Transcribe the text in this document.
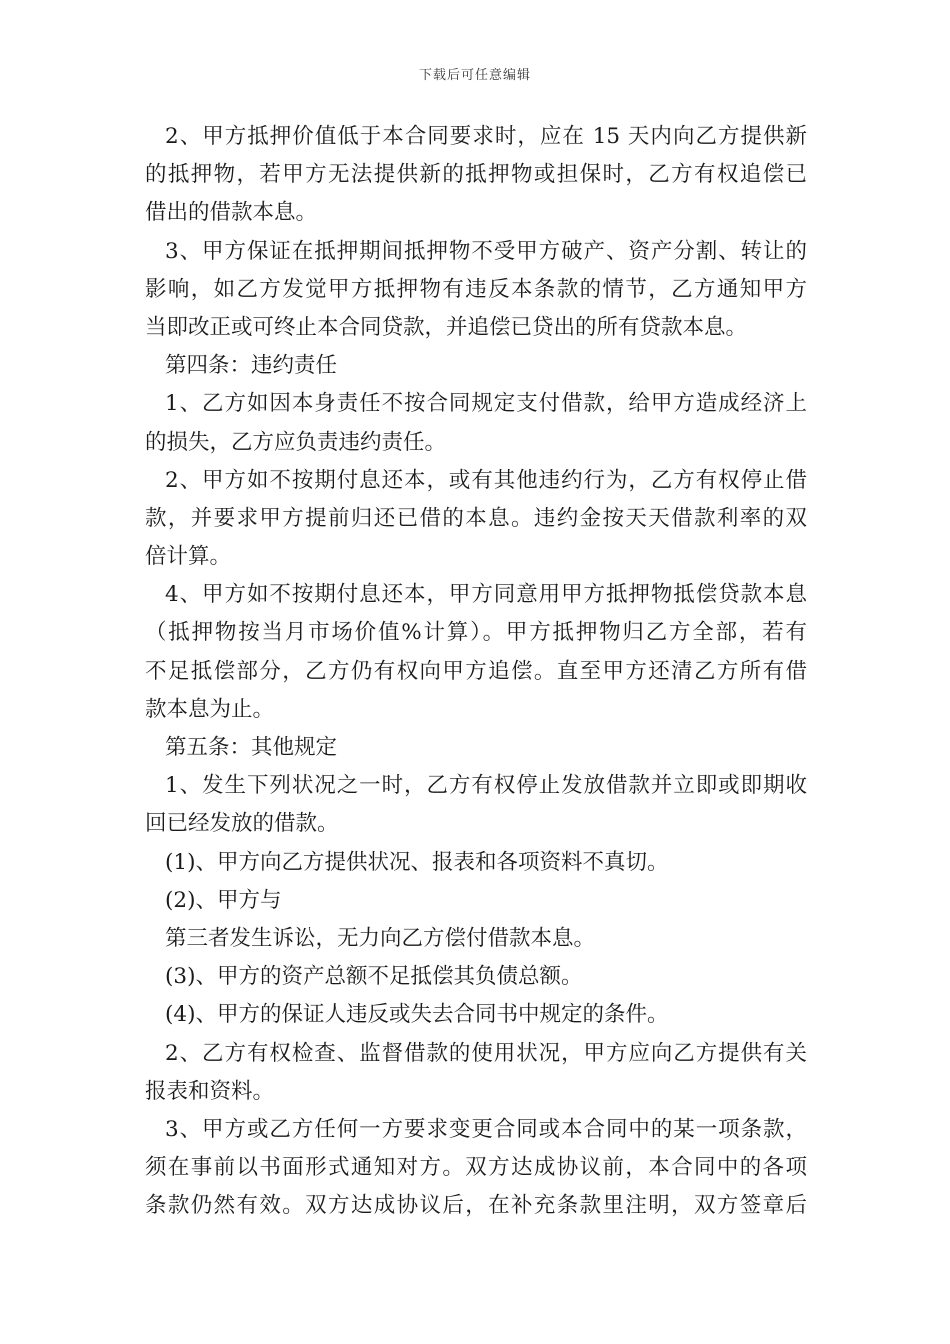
下载后可任意编辑
2、甲方抵押价值低于本合同要求时，应在 15 天内向乙方提供新
的抵押物，若甲方无法提供新的抵押物或担保时，乙方有权追偿已
借出的借款本息。
3、甲方保证在抵押期间抵押物不受甲方破产、资产分割、转让的
影响，如乙方发觉甲方抵押物有违反本条款的情节，乙方通知甲方
当即改正或可终止本合同贷款，并追偿已贷出的所有贷款本息。
第四条：违约责任
1、乙方如因本身责任不按合同规定支付借款，给甲方造成经济上
的损失，乙方应负责违约责任。
2、甲方如不按期付息还本，或有其他违约行为，乙方有权停止借
款，并要求甲方提前归还已借的本息。违约金按天天借款利率的双
倍计算。
4、甲方如不按期付息还本，甲方同意用甲方抵押物抵偿贷款本息
（抵押物按当月市场价值%计算）。甲方抵押物归乙方全部，若有
不足抵偿部分，乙方仍有权向甲方追偿。直至甲方还清乙方所有借
款本息为止。
第五条：其他规定
1、发生下列状况之一时，乙方有权停止发放借款并立即或即期收
回已经发放的借款。
(1)、甲方向乙方提供状况、报表和各项资料不真切。
(2)、甲方与
第三者发生诉讼，无力向乙方偿付借款本息。
(3)、甲方的资产总额不足抵偿其负债总额。
(4)、甲方的保证人违反或失去合同书中规定的条件。
2、乙方有权检查、监督借款的使用状况，甲方应向乙方提供有关
报表和资料。
3、甲方或乙方任何一方要求变更合同或本合同中的某一项条款，
须在事前以书面形式通知对方。双方达成协议前，本合同中的各项
条款仍然有效。双方达成协议后，在补充条款里注明，双方签章后
